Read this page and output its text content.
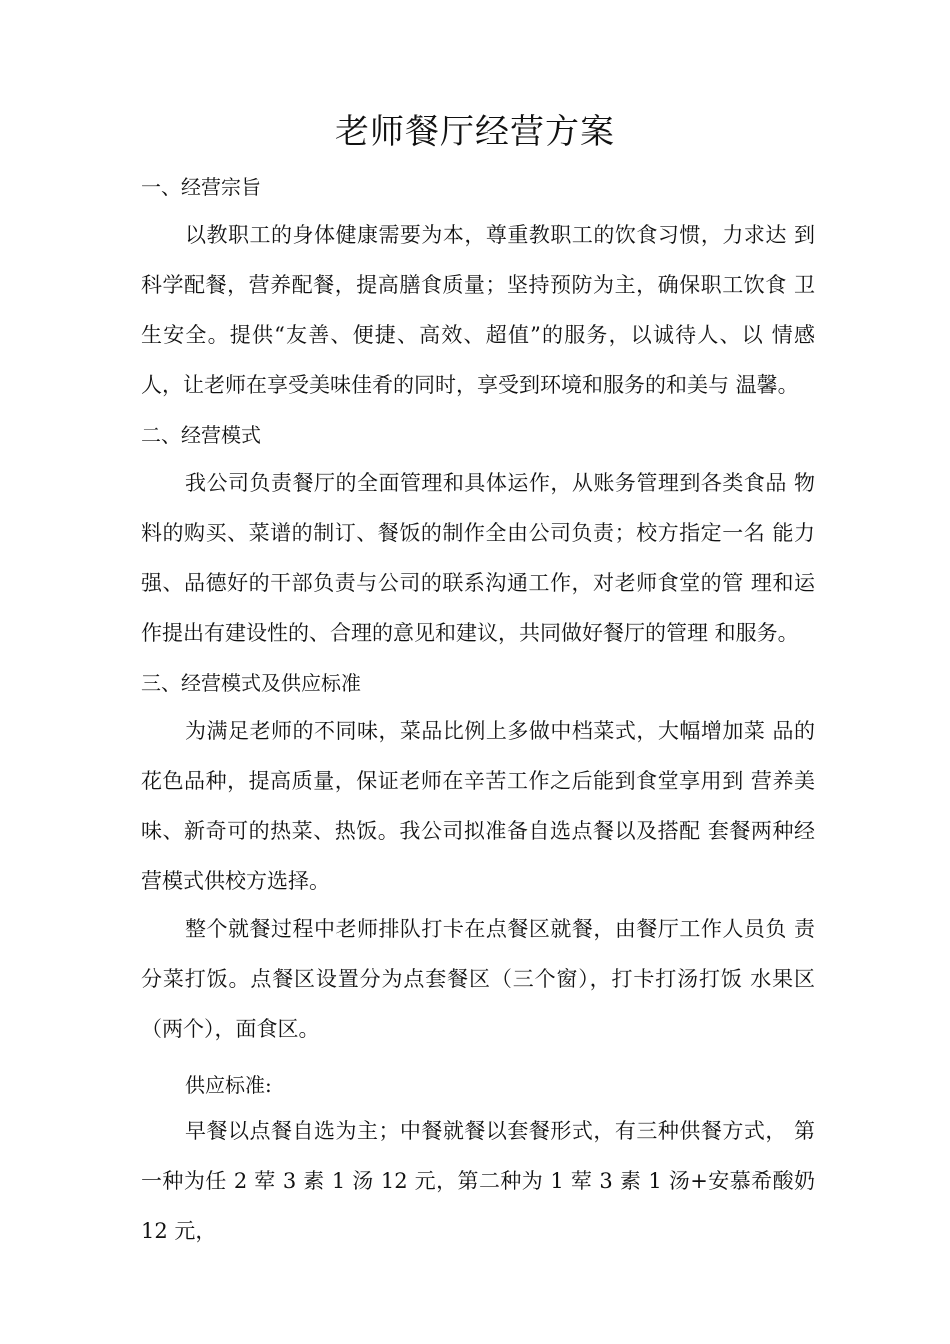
老师餐厅经营方案
一、经营宗旨
以教职工的身体健康需要为本，尊重教职工的饮食习惯，力求达 到科学配餐，营养配餐，提高膳食质量；坚持预防为主，确保职工饮食 卫生安全。提供“友善、便捷、高效、超值”的服务，以诚待人、以 情感人，让老师在享受美味佳肴的同时，享受到环境和服务的和美与 温馨。
二、经营模式
我公司负责餐厅的全面管理和具体运作，从账务管理到各类食品 物料的购买、菜谱的制订、餐饭的制作全由公司负责；校方指定一名 能力强、品德好的干部负责与公司的联系沟通工作，对老师食堂的管 理和运作提出有建设性的、合理的意见和建议，共同做好餐厅的管理 和服务。
三、经营模式及供应标准
为满足老师的不同味，菜品比例上多做中档菜式，大幅增加菜 品的花色品种，提高质量，保证老师在辛苦工作之后能到食堂享用到 营养美味、新奇可的热菜、热饭。我公司拟准备自选点餐以及搭配 套餐两种经营模式供校方选择。
整个就餐过程中老师排队打卡在点餐区就餐，由餐厅工作人员负 责分菜打饭。点餐区设置分为点套餐区（三个窗），打卡打汤打饭 水果区（两个），面食区。
供应标准:
早餐以点餐自选为主；中餐就餐以套餐形式，有三种供餐方式， 第一种为任 2 荤 3 素 1 汤 12 元，第二种为 1 荤 3 素 1 汤+安慕希酸奶 12 元，
